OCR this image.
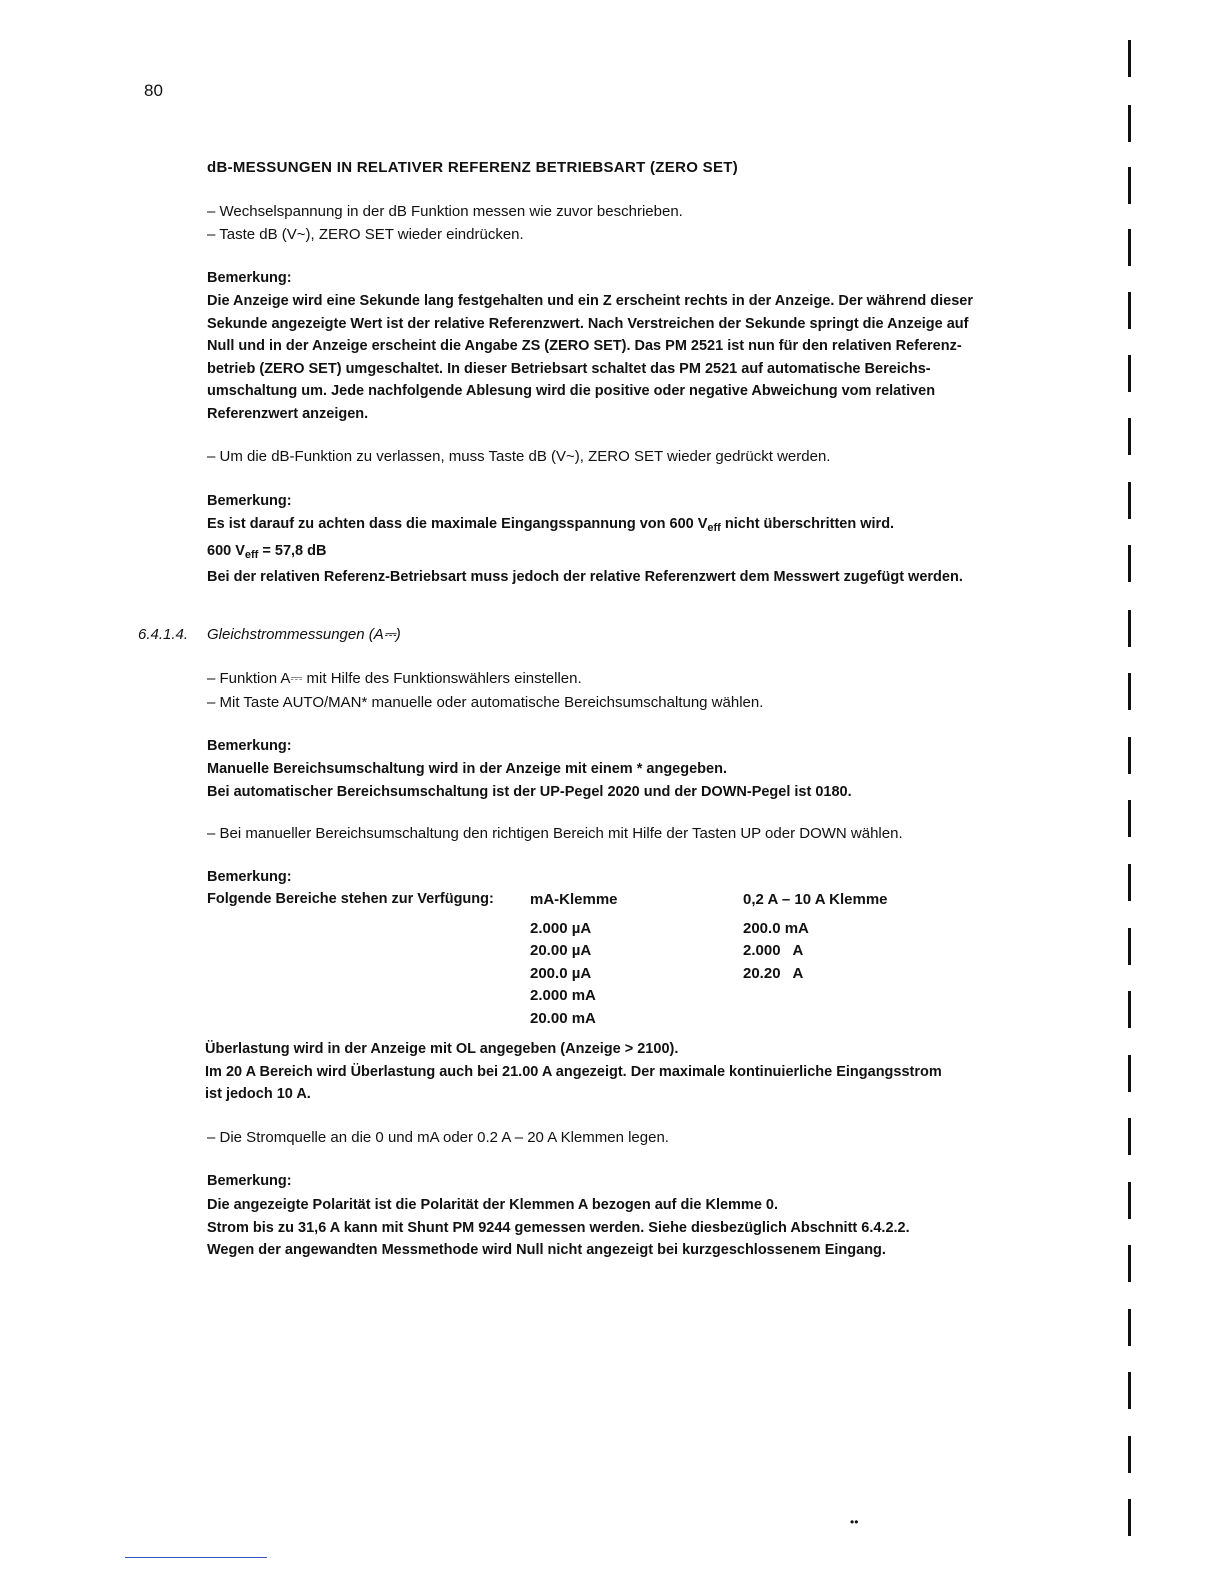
80
dB-MESSUNGEN IN RELATIVER REFERENZ BETRIEBSART (ZERO SET)
– Wechselspannung in der dB Funktion messen wie zuvor beschrieben.
– Taste dB (V~), ZERO SET wieder eindrücken.
Bemerkung:
Die Anzeige wird eine Sekunde lang festgehalten und ein Z erscheint rechts in der Anzeige. Der während dieser
Sekunde angezeigte Wert ist der relative Referenzwert. Nach Verstreichen der Sekunde springt die Anzeige auf
Null und in der Anzeige erscheint die Angabe ZS (ZERO SET). Das PM 2521 ist nun für den relativen Referenz-
betrieb (ZERO SET) umgeschaltet. In dieser Betriebsart schaltet das PM 2521 auf automatische Bereichs-
umschaltung um. Jede nachfolgende Ablesung wird die positive oder negative Abweichung vom relativen
Referenzwert anzeigen.
– Um die dB-Funktion zu verlassen, muss Taste dB (V~), ZERO SET wieder gedrückt werden.
Bemerkung:
Es ist darauf zu achten dass die maximale Eingangsspannung von 600 $V_{eff}$ nicht überschritten wird.
600 $V_{eff} = 57,8$ dB
Bei der relativen Referenz-Betriebsart muss jedoch der relative Referenzwert dem Messwert zugefügt werden.
6.4.1.4. Gleichstrommessungen (A⎓)
– Funktion A⎓ mit Hilfe des Funktionswählers einstellen.
– Mit Taste AUTO/MAN* manuelle oder automatische Bereichsumschaltung wählen.
Bemerkung:
Manuelle Bereichsumschaltung wird in der Anzeige mit einem * angegeben.
Bei automatischer Bereichsumschaltung ist der UP-Pegel 2020 und der DOWN-Pegel ist 0180.
– Bei manueller Bereichsumschaltung den richtigen Bereich mit Hilfe der Tasten UP oder DOWN wählen.
Bemerkung:
Folgende Bereiche stehen zur Verfügung: mA-Klemme
2.000 µA
20.00 µA
200.0 µA
2.000 mA
20.00 mA
0,2 A – 10 A Klemme
200.0 mA
2.000   A
20.20   A
Überlastung wird in der Anzeige mit OL angegeben (Anzeige > 2100).
Im 20 A Bereich wird Überlastung auch bei 21.00 A angezeigt. Der maximale kontinuierliche Eingangsstrom
ist jedoch 10 A.
– Die Stromquelle an die 0 und mA oder 0.2 A – 20 A Klemmen legen.
Bemerkung:
Die angezeigte Polarität ist die Polarität der Klemmen A bezogen auf die Klemme 0.
Strom bis zu 31,6 A kann mit Shunt PM 9244 gemessen werden. Siehe diesbezüglich Abschnitt 6.4.2.2.
Wegen der angewandten Messmethode wird Null nicht angezeigt bei kurzgeschlossenem Eingang.
••
